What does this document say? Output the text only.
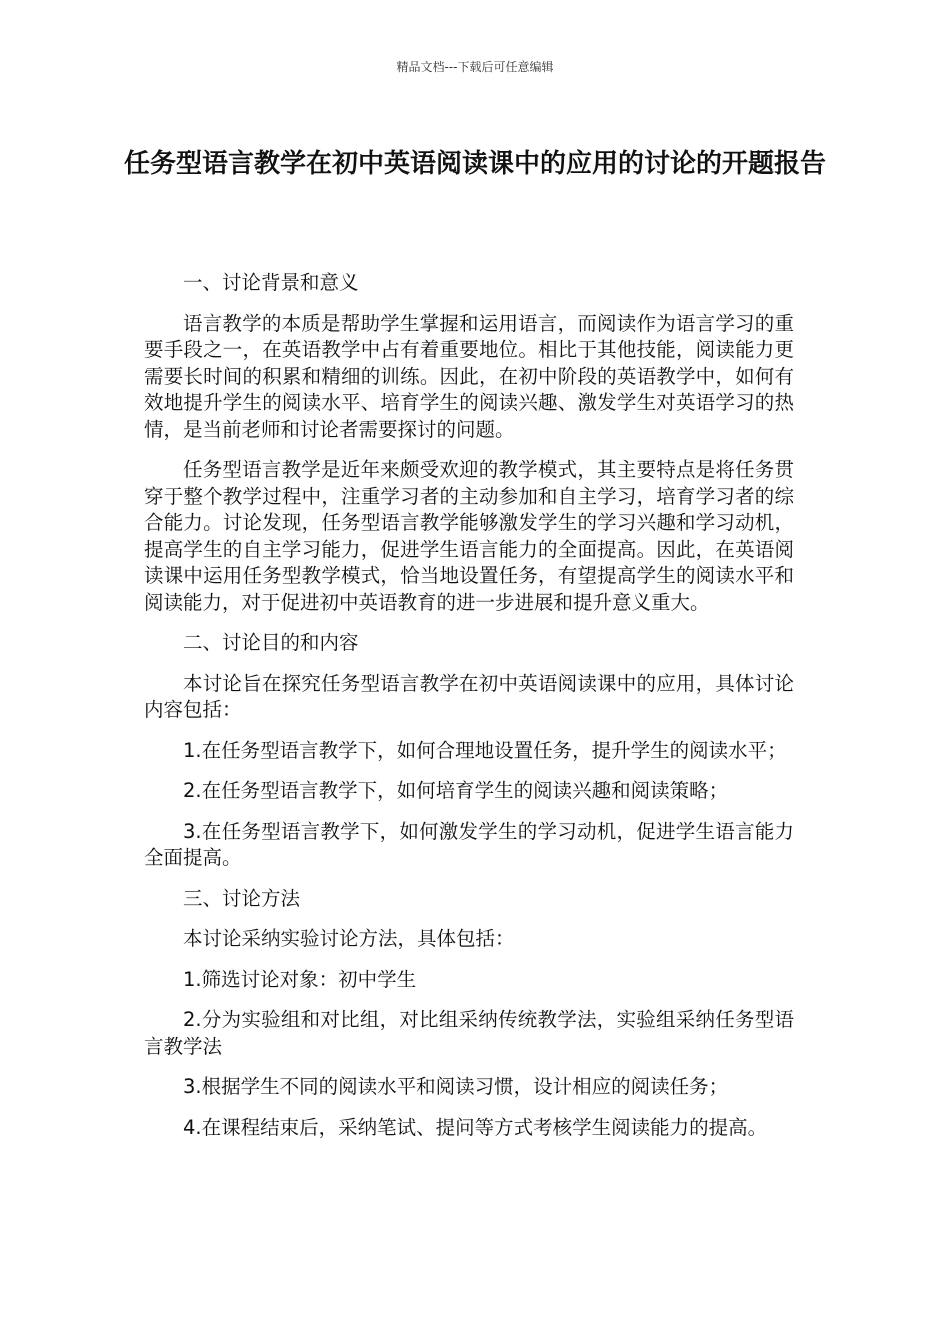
精品文档---下载后可任意编辑
任务型语言教学在初中英语阅读课中的应用的讨论的开题报告

一、讨论背景和意义

语言教学的本质是帮助学生掌握和运用语言，而阅读作为语言学习的重要手段之一，在英语教学中占有着重要地位。相比于其他技能，阅读能力更需要长时间的积累和精细的训练。因此，在初中阶段的英语教学中，如何有效地提升学生的阅读水平、培育学生的阅读兴趣、激发学生对英语学习的热情，是当前老师和讨论者需要探讨的问题。

任务型语言教学是近年来颇受欢迎的教学模式，其主要特点是将任务贯穿于整个教学过程中，注重学习者的主动参加和自主学习，培育学习者的综合能力。讨论发现，任务型语言教学能够激发学生的学习兴趣和学习动机，提高学生的自主学习能力，促进学生语言能力的全面提高。因此，在英语阅读课中运用任务型教学模式，恰当地设置任务，有望提高学生的阅读水平和阅读能力，对于促进初中英语教育的进一步进展和提升意义重大。

二、讨论目的和内容

本讨论旨在探究任务型语言教学在初中英语阅读课中的应用，具体讨论内容包括：

1.在任务型语言教学下，如何合理地设置任务，提升学生的阅读水平；

2.在任务型语言教学下，如何培育学生的阅读兴趣和阅读策略；

3.在任务型语言教学下，如何激发学生的学习动机，促进学生语言能力全面提高。

三、讨论方法

本讨论采纳实验讨论方法，具体包括：

1.筛选讨论对象：初中学生

2.分为实验组和对比组，对比组采纳传统教学法，实验组采纳任务型语言教学法

3.根据学生不同的阅读水平和阅读习惯，设计相应的阅读任务；

4.在课程结束后，采纳笔试、提问等方式考核学生阅读能力的提高。
